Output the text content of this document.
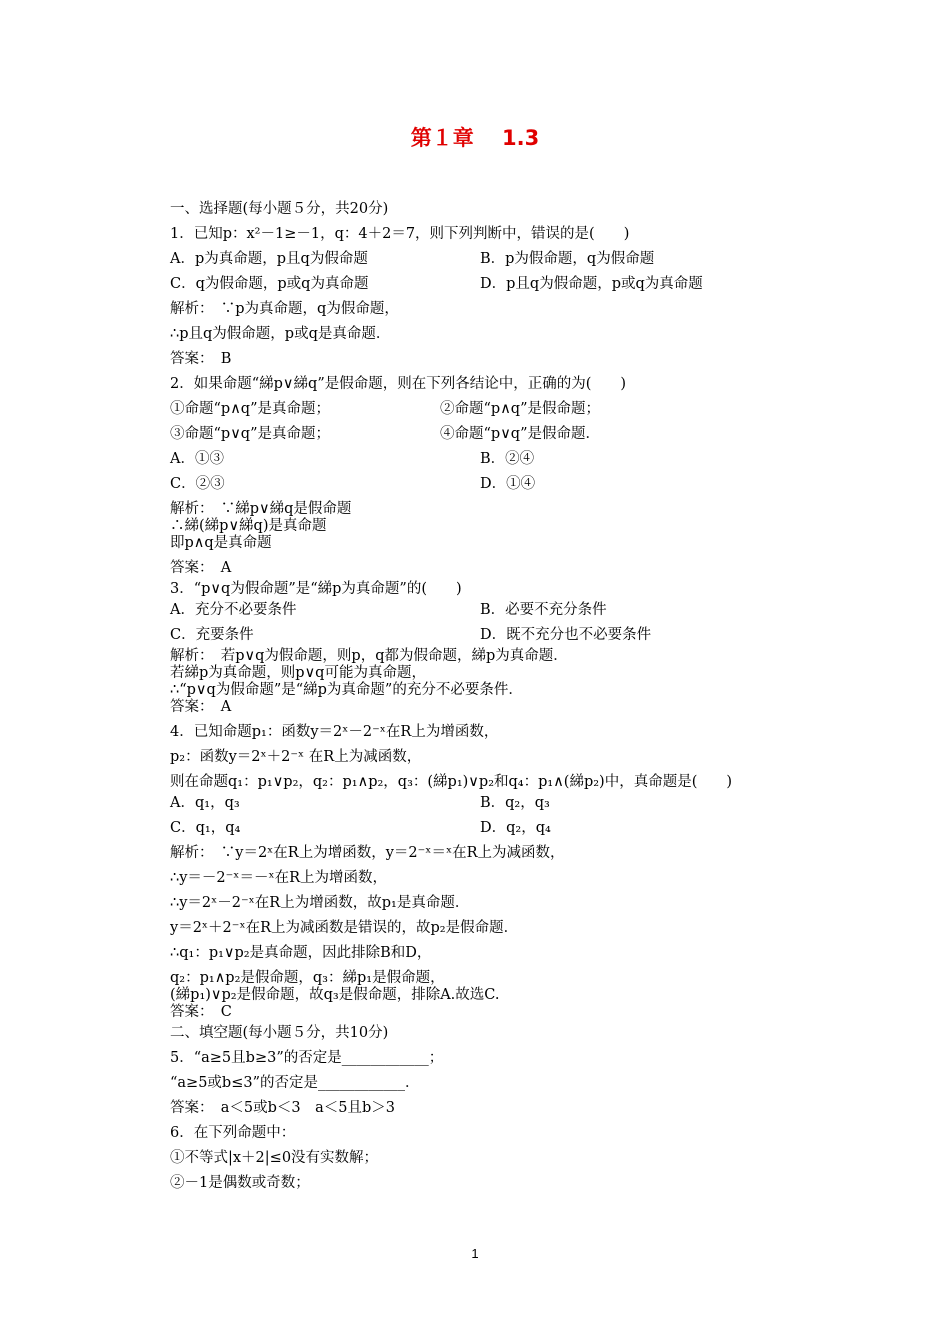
第１章　 1.3
一、选择题(每小题５分，共20分)
1．已知p：x²－1≥－1，q：4＋2＝7，则下列判断中，错误的是(　　)
A．p为真命题，p且q为假命题	B．p为假命题，q为假命题
C．q为假命题，p或q为真命题	D．p且q为假命题，p或q为真命题
解析：　∵p为真命题，q为假命题，
∴p且q为假命题，p或q是真命题．
答案：　B
2．如果命题“綈p∨綈q”是假命题，则在下列各结论中，正确的为(　　)
①命题“p∧q”是真命题；	②命题“p∧q”是假命题；
③命题“p∨q”是真命题；	④命题“p∨q”是假命题．
A．①③	B．②④
C．②③	D．①④
解析：　∵綈p∨綈q是假命题
∴綈(綈p∨綈q)是真命题
即p∧q是真命题
答案：　A
3．“p∨q为假命题”是“綈p为真命题”的(　　)
A．充分不必要条件	B．必要不充分条件
C．充要条件	D．既不充分也不必要条件
解析：　若p∨q为假命题，则p，q都为假命题，綈p为真命题．
若綈p为真命题，则p∨q可能为真命题，
∴“p∨q为假命题”是“綈p为真命题”的充分不必要条件．
答案：　A
4．已知命题p₁：函数y＝2ˣ－2⁻ˣ在R上为增函数，
p₂：函数y＝2ˣ＋2⁻ˣ 在R上为减函数，
则在命题q₁：p₁∨p₂，q₂：p₁∧p₂，q₃：(綈p₁)∨p₂和q₄：p₁∧(綈p₂)中，真命题是(　　)
A．q₁，q₃	B．q₂，q₃
C．q₁，q₄	D．q₂，q₄
解析：　∵y＝2ˣ在R上为增函数，y＝2⁻ˣ＝ˣ在R上为减函数，
∴y＝－2⁻ˣ＝－ˣ在R上为增函数，
∴y＝2ˣ－2⁻ˣ在R上为增函数，故p₁是真命题．
y＝2ˣ＋2⁻ˣ在R上为减函数是错误的，故p₂是假命题．
∴q₁：p₁∨p₂是真命题，因此排除B和D，
q₂：p₁∧p₂是假命题，q₃：綈p₁是假命题，
(綈p₁)∨p₂是假命题，故q₃是假命题，排除A.故选C.
答案：　C
二、填空题(每小题５分，共10分)
5．“a≥5且b≥3”的否定是____________；
“a≥5或b≤3”的否定是____________．
答案：　a＜5或b＜3　a＜5且b＞3
6．在下列命题中：
①不等式|x＋2|≤0没有实数解；
②－1是偶数或奇数；
1
